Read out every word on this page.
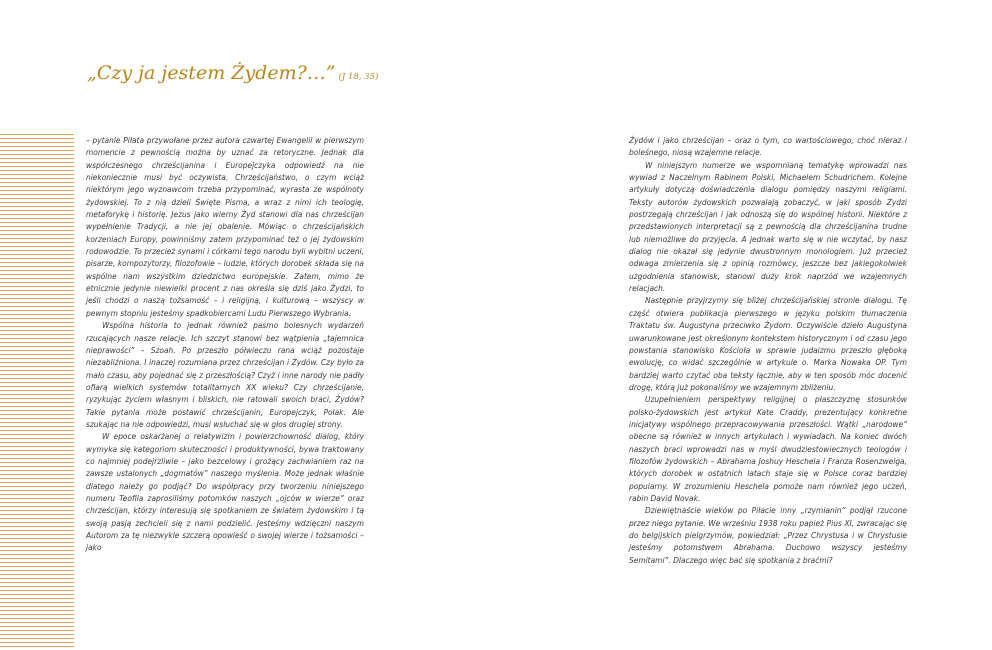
„Czy ja jestem Żydem?…” (J 18, 35)

– pytanie Piłata przywołane przez autora czwartej Ewangelii w pierwszym momencie z pewnością można by uznać za retoryczne. Jednak dla współczesnego chrześcijanina i Europejczyka odpowiedź na nie niekoniecznie musi być oczywista. Chrześcijaństwo, o czym wciąż niektórym jego wyznawcom trzeba przypominać, wyrasta ze wspólnoty żydowskiej. To z nią dzieli Święte Pisma, a wraz z nimi ich teologię, metaforykę i historię. Jezus jako wierny Żyd stanowi dla nas chrześcijan wypełnienie Tradycji, a nie jej obalenie. Mówiąc o chrześcijańskich korzeniach Europy, powinniśmy zatem przypominać też o jej żydowskim rodowodzie. To przecież synami i córkami tego narodu byli wybitni uczeni, pisarze, kompozytorzy, filozofowie – ludzie, których dorobek składa się na wspólne nam wszystkim dziedzictwo europejskie. Zatem, mimo że etnicznie jedynie niewielki procent z nas określa się dziś jako Żydzi, to jeśli chodzi o naszą tożsamość – i religijną, i kulturową – wszyscy w pewnym stopniu jesteśmy spadkobiercami Ludu Pierwszego Wybrania.

Wspólna historia to jednak również pasmo bolesnych wydarzeń rzucających nasze relacje. Ich szczyt stanowi bez wątpienia „tajemnica nieprawości” – Szoah. Po przeszło półwieczu rana wciąż pozostaje niezabliźniona. I inaczej rozumiana przez chrześcijan i Żydów. Czy było za mało czasu, aby pojednać się z przeszłością? Czyż i inne narody nie padły ofiarą wielkich systemów totalitarnych XX wieku? Czy chrześcijanie, ryzykując życiem własnym i bliskich, nie ratowali swoich braci, Żydów? Takie pytania może postawić chrześcijanin, Europejczyk, Polak. Ale szukając na nie odpowiedzi, musi wsłuchać się w głos drugiej strony.

W epoce oskarżanej o relatywizm i powierzchowność dialog, który wymyka się kategoriom skuteczności i produktywności, bywa traktowany co najmniej podejrzliwie – jako bezcelowy i grożący zachwianiem raz na zawsze ustalonych „dogmatów” naszego myślenia. Może jednak właśnie dlatego należy go podjąć? Do współpracy przy tworzeniu niniejszego numeru Teofila zaprosiliśmy potomków naszych „ojców w wierze” oraz chrześcijan, którzy interesują się spotkaniem ze światem żydowskim i tą swoją pasją zechcieli się z nami podzielić. Jesteśmy wdzięczni naszym Autorom za tę niezwykle szczerą opowieść o swojej wierze i tożsamości – jako

Żydów i jako chrześcijan – oraz o tym, co wartościowego, choć nieraz i boleśnego, niosą wzajemne relacje.

W niniejszym numerze we wspomnianą tematykę wprowadzi nas wywiad z Naczelnym Rabinem Polski, Michaelem Schudrichem. Kolejne artykuły dotyczą doświadczenia dialogu pomiędzy naszymi religiami. Teksty autorów żydowskich pozwalają zobaczyć, w jaki sposób Żydzi postrzegają chrześcijan i jak odnoszą się do wspólnej historii. Niektóre z przedstawionych interpretacji są z pewnością dla chrześcijanina trudne lub niemożliwe do przyjęcia. A jednak warto się w nie wczytać, by nasz dialog nie okazał się jedynie dwustronnym monologiem. Już przecież odwaga zmierzenia się z opinią rozmówcy, jeszcze bez jakiegokolwiek uzgodnienia stanowisk, stanowi duży krok naprzód we wzajemnych relacjach.

Następnie przyjrzymy się bliżej chrześcijańskiej stronie dialogu. Tę część otwiera publikacja pierwszego w języku polskim tłumaczenia Traktatu św. Augustyna przeciwko Żydom. Oczywiście dzieło Augustyna uwarunkowane jest określonym kontekstem historycznym i od czasu jego powstania stanowisko Kościoła w sprawie judaizmu przeszło głęboką ewolucję, co widać szczególnie w artykule o. Marka Nowaka OP. Tym bardziej warto czytać oba teksty łącznie, aby w ten sposób móc docenić drogę, którą już pokonaliśmy we wzajemnym zbliżeniu.

Uzupełnieniem perspektywy religijnej o płaszczyznę stosunków polsko-żydowskich jest artykuł Kate Craddy, prezentujący konkretne inicjatywy wspólnego przepracowywania przeszłości. Wątki „narodowe” obecne są również w innych artykułach i wywiadach. Na koniec dwóch naszych braci wprowadzi nas w myśl dwudziestowiecznych teologów i filozofów żydowskich – Abrahama Joshuy Heschela i Franza Rosenzweiga, których dorobek w ostatnich latach staje się w Polsce coraz bardziej popularny. W zrozumieniu Heschela pomoże nam również jego uczeń, rabin David Novak.

Dziewiętnaście wieków po Piłacie inny „rzymianin” podjął rzucone przez niego pytanie. We wrześniu 1938 roku papież Pius XI, zwracając się do belgijskich pielgrzymów, powiedział: „Przez Chrystusa i w Chrystusie jesteśmy potomstwem Abrahama. Duchowo wszyscy jesteśmy Semitami”. Dlaczego więc bać się spotkania z braćmi?
